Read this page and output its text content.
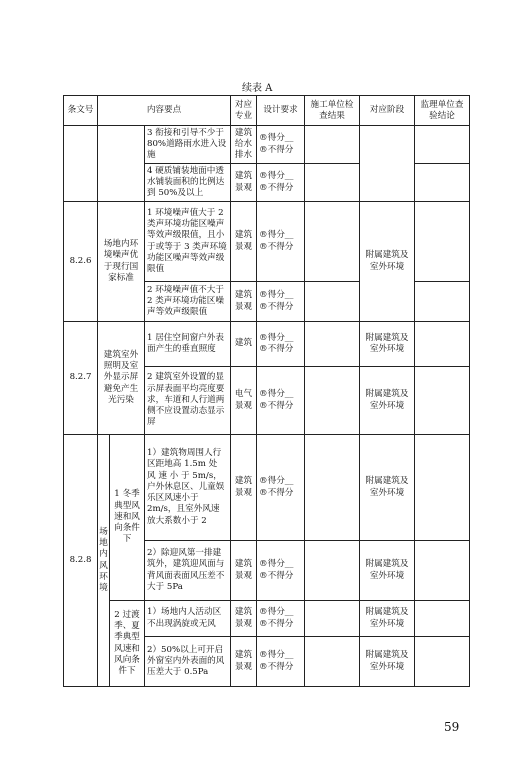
续表 A
条文号	内容要点			对应专业	设计要求	施工单位检查结果	对应阶段	监理单位查验结论
			3 衔接和引导不少于80%道路雨水进入设施	建筑给水排水	®得分__ ®不得分			
			4 硬质铺装地面中透水铺装面积的比例达到 50%及以上	建筑景观	®得分__ ®不得分			
8.2.6	场地内环境噪声优于现行国家标准		1 环境噪声值大于 2 类声环境功能区噪声等效声级限值，且小于或等于 3 类声环境功能区噪声等效声级限值	建筑景观	®得分__ ®不得分		附属建筑及室外环境	
			2 环境噪声值不大于 2 类声环境功能区噪声等效声级限值	建筑景观	®得分__ ®不得分			
8.2.7	建筑室外照明及室外显示屏避免产生光污染		1 居住空间窗户外表面产生的垂直照度	建筑	®得分__ ®不得分		附属建筑及室外环境	
			2 建筑室外设置的显示屏表面平均亮度要求，车道和人行道两侧不应设置动态显示屏	电气景观	®得分__ ®不得分		附属建筑及室外环境	
8.2.8	场地内风环境	1 冬季典型风速和风向条件下	1）建筑物周围人行区距地高 1.5m 处 风 速 小 于 5m/s，户外休息区、儿童娱乐区风速小于 2m/s，且室外风速放大系数小于 2	建筑景观	®得分__ ®不得分		附属建筑及室外环境	
			2）除迎风第一排建筑外，建筑迎风面与背风面表面风压差不大于 5Pa	建筑景观	®得分__ ®不得分		附属建筑及室外环境	
		2 过渡季、夏季典型风速和风向条件下	1）场地内人活动区不出现涡旋或无风	建筑景观	®得分__ ®不得分		附属建筑及室外环境	
			2）50%以上可开启外窗室内外表面的风压差大于 0.5Pa	建筑景观	®得分__ ®不得分		附属建筑及室外环境	
59
